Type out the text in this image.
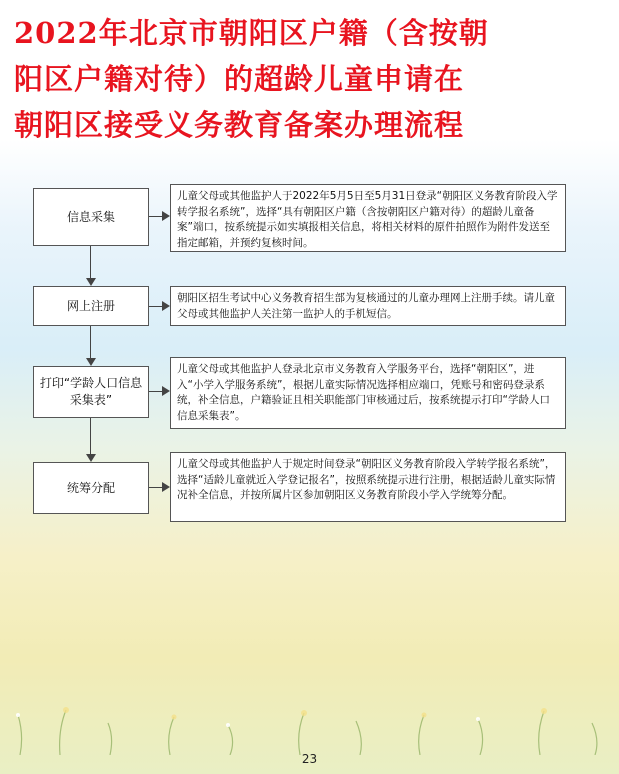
2022年北京市朝阳区户籍（含按朝
阳区户籍对待）的超龄儿童申请在
朝阳区接受义务教育备案办理流程
信息采集
儿童父母或其他监护人于2022年5月5日至5月31日登录“朝阳区义务教育阶段入学转学报名系统”，选择“具有朝阳区户籍（含按朝阳区户籍对待）的超龄儿童备案”端口，按系统提示如实填报相关信息，将相关材料的原件拍照作为附件发送至指定邮箱，并预约复核时间。
网上注册
朝阳区招生考试中心义务教育招生部为复核通过的儿童办理网上注册手续。请儿童父母或其他监护人关注第一监护人的手机短信。
打印“学龄人口信息采集表”
儿童父母或其他监护人登录北京市义务教育入学服务平台，选择“朝阳区”，进入“小学入学服务系统”，根据儿童实际情况选择相应端口，凭账号和密码登录系统，补全信息，户籍验证且相关职能部门审核通过后，按系统提示打印“学龄人口信息采集表”。
统筹分配
儿童父母或其他监护人于规定时间登录“朝阳区义务教育阶段入学转学报名系统”，选择“适龄儿童就近入学登记报名”，按照系统提示进行注册，根据适龄儿童实际情况补全信息，并按所属片区参加朝阳区义务教育阶段小学入学统筹分配。
23
